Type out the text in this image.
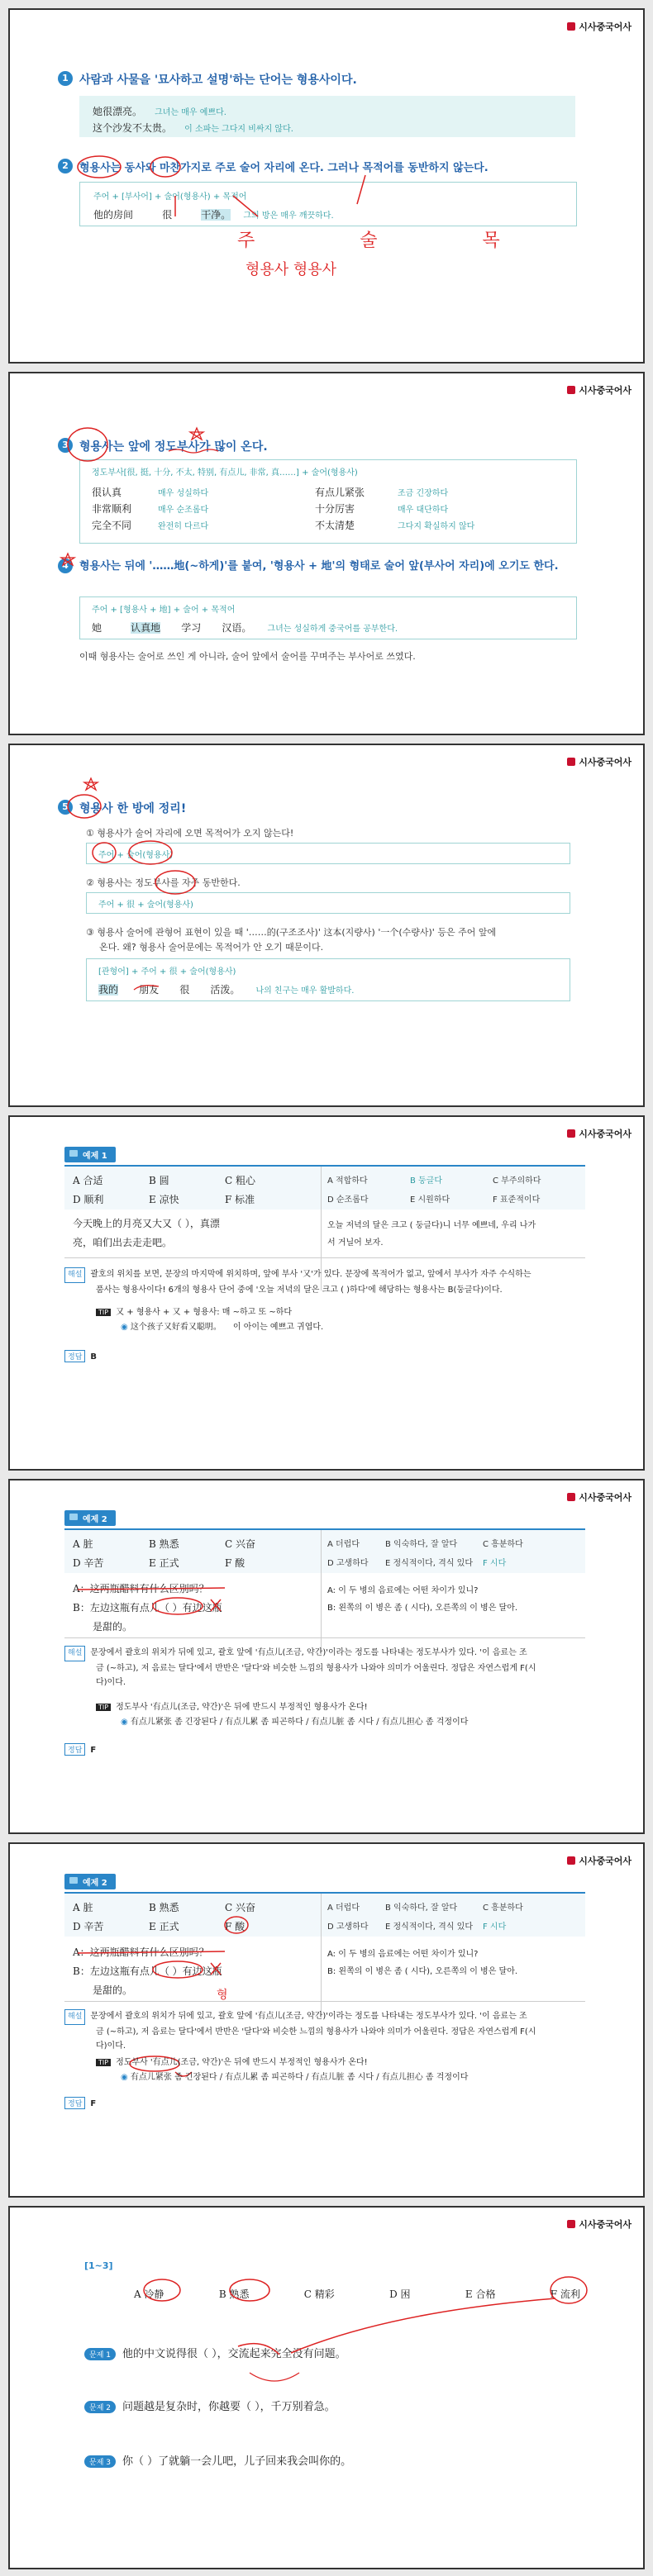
시사중국어사
1 사람과 사물을 '묘사하고 설명'하는 단어는 형용사이다.
她很漂亮。 그녀는 매우 예쁘다.
这个沙发不太贵。 이 소파는 그다지 비싸지 않다.
2	형용사는 동사와 마찬가지로 주로 술어 자리에 온다. 그러나 목적어를 동반하지 않는다.
주어 + [부사어] + 술어(형용사) + 목적어
他的房间	很	干净。 그의 방은 매우 깨끗하다.
주 술 목
형용사 형용사
시사중국어사
3 형용사는 앞에 정도부사가 많이 온다.
정도부사[很, 挺, 十分, 不太, 特别, 有点儿, 非常, 真……] + 술어(형용사)
很认真	매우 성실하다	有点儿紧张	조금 긴장하다
非常顺利	매우 순조롭다	十分厉害	매우 대단하다
完全不同	완전히 다르다	不太清楚	그다지 확실하지 않다
4	형용사는 뒤에 '……地(~하게)'를 붙여, '형용사 + 地'의 형태로 술어 앞(부사어 자리)에 오기도 한다.
주어 + [형용사 + 地] + 술어 + 목적어
她	认真地 学习 汉语。 그녀는 성실하게 중국어를 공부한다.
이때 형용사는 술어로 쓰인 게 아니라, 술어 앞에서 술어를 꾸며주는 부사어로 쓰였다.
시사중국어사
5 형용사 한 방에 정리!
① 형용사가 술어 자리에 오면 목적어가 오지 않는다!
주어 + 술어(형용사)
② 형용사는 정도부사를 자주 동반한다.
주어 + 很 + 술어(형용사)
③ 형용사 술어에 관형어 표현이 있을 때 '……的(구조조사)' 这本(지량사) '一个(수량사)' 등은 주어 앞에
온다. 왜? 형용사 술어문에는 목적어가 안 오기 때문이다.
[관형어] + 주어 + 很 + 술어(형용사)
我的 朋友 很 活泼。 나의 친구는 매우 활발하다.
시사중국어사
예제 1
A 合适	B 圆	C 粗心
D 顺利	E 凉快	F 标准
A 적합하다	B 둥글다	C 부주의하다
D 순조롭다	E 시원하다	F 표준적이다
今天晚上的月亮又大又（ ），真漂
亮，咱们出去走走吧。
오늘 저녁의 달은 크고 ( 둥글다)니 너무 예쁘네, 우리 나가
서 거닐어 보자.
해설 괄호의 위치를 보면, 문장의 마지막에 위치하며, 앞에 부사 '又'가 있다. 문장에 목적어가 없고, 앞에서 부사가 자주 수식하는
품사는 형용사이다! 6개의 형용사 단어 중에 '오늘 저녁의 달은 크고 ( )하다'에 해당하는 형용사는 B(둥글다)이다.
TIP 又 + 형용사 + 又 + 형용사: 매 ~하고 또 ~하다
◉ 这个孩子又好看又聪明。 이 아이는 예쁘고 귀엽다.
정답 B
시사중국어사
예제 2
A 脏	B 熟悉	C 兴奋
D 辛苦	E 正式	F 酸
A 더럽다	B 익숙하다, 잘 알다	C 흥분하다
D 고생하다	E 정식적이다, 격식 있다	F 시다
A：这两瓶醋料有什么区别吗？
B：左边这瓶有点儿（ ）有边这瓶
是甜的。
A: 이 두 병의 음료에는 어떤 차이가 있니?
B: 왼쪽의 이 병은 좀 ( 시다), 오른쪽의 이 병은 달아.
해설 문장에서 괄호의 위치가 뒤에 있고, 괄호 앞에 '有点儿(조금, 약간)'이라는 정도를 나타내는 정도부사가 있다. '이 음료는 조
금 (~하고), 저 음료는 달다'에서 반반은 '달다'와 비슷한 느낌의 형용사가 나와야 의미가 어울린다. 정답은 자연스럽게 F(시
다)이다.
TIP 정도부사 '有点儿(조금, 약간)'은 뒤에 반드시 부정적인 형용사가 온다!
◉ 有点儿紧张 좀 긴장된다 / 有点儿累 좀 피곤하다 / 有点儿脏 좀 시다 / 有点儿担心 좀 걱정이다
정답 F
시사중국어사
예제 2
A 脏	B 熟悉	C 兴奋
D 辛苦	E 正式	F 酸
A 더럽다	B 익숙하다, 잘 알다	C 흥분하다
D 고생하다	E 정식적이다, 격식 있다	F 시다
A：这两瓶醋料有什么区别吗？
B：左边这瓶有点儿（ ）有边这瓶
是甜的。
A: 이 두 병의 음료에는 어떤 차이가 있니?
B: 왼쪽의 이 병은 좀 ( 시다), 오른쪽의 이 병은 달아.
형
해설 문장에서 괄호의 위치가 뒤에 있고, 괄호 앞에 '有点儿(조금, 약간)'이라는 정도를 나타내는 정도부사가 있다. '이 음료는 조
금 (~하고), 저 음료는 달다'에서 반반은 '달다'와 비슷한 느낌의 형용사가 나와야 의미가 어울린다. 정답은 자연스럽게 F(시
다)이다.
TIP 정도부사 '有点儿(조금, 약간)'은 뒤에 반드시 부정적인 형용사가 온다!
◉ 有点儿紧张 좀 긴장된다 / 有点儿累 좀 피곤하다 / 有点儿脏 좀 시다 / 有点儿担心 좀 걱정이다
정답 F
시사중국어사
[1~3]
A 冷静	B 熟悉	C 精彩	D 困	E 合格	F 流利
문제 1 他的中文说得很（ ），交流起来完全没有问题。
문제 2 问题越是复杂时，你越要（ ），千万别着急。
문제 3 你（ ）了就躺一会儿吧，儿子回来我会叫你的。
